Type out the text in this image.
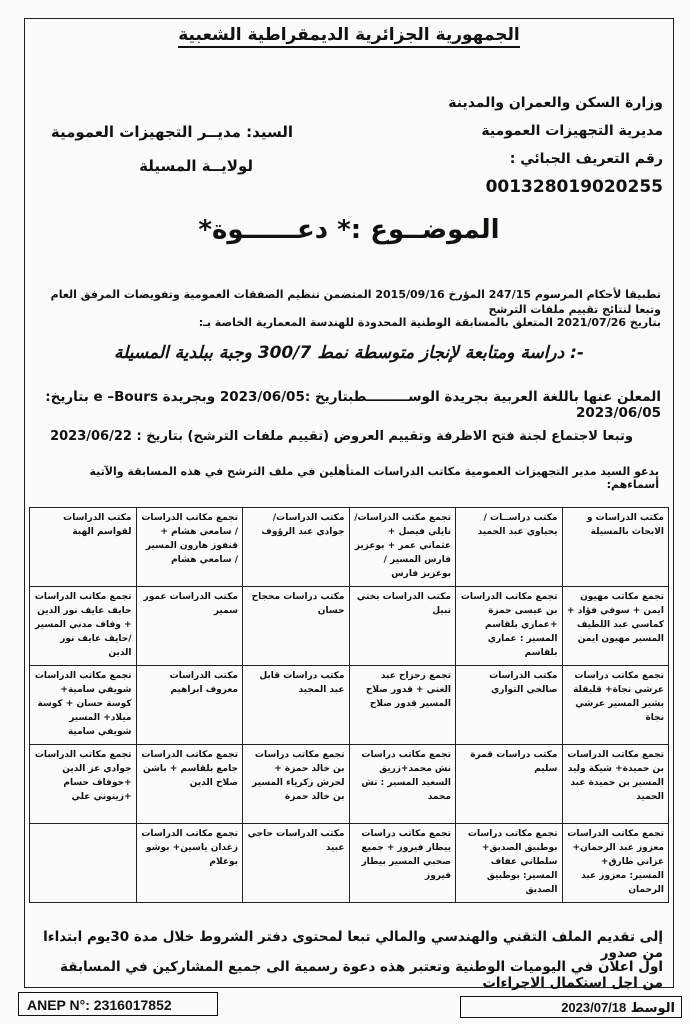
الجمهورية الجزائرية الديمقراطية الشعبية
وزارة السكن والعمران والمدينة
مديرية التجهيزات العمومية
رقم التعريف الجبائي : 001328019020255
السيد: مديــر التجهيزات العمومية
لولايــة المسيلة
الموضــوع :* دعــــــوة*
تطبيقا لأحكام المرسوم 247/15 المؤرخ 2015/09/16 المتضمن تنظيم الصفقات العمومية وتفويضات المرفق العام وتبعا لنتائج تقييم ملفات الترشح
بتاريخ 2021/07/26 المتعلق بالمسابقة الوطنية المحدودة للهندسة المعمارية الخاصة بـ:
-: دراسة ومتابعة لإنجاز متوسطة نمط 300/7 وجبة ببلدية المسيلة
المعلن عنها باللغة العربية بجريدة الوســـــــــطبتاريخ :2023/06/05 وبجريدة e –Bours بتاريخ: 2023/06/05
وتبعا لاجتماع لجنة فتح الاظرفة وتقييم العروض (تقييم ملفات الترشح) بتاريخ : 2023/06/22
يدعو السيد مدير التجهيزات العمومية مكاتب الدراسات المتأهلين في ملف الترشح في هذه المسابقة والآتية أسماءهم:
مكتب الدراسات و الابحاث بالمسيلة	مكتب دراســات /يحياوي عبد الحميد	تجمع مكتب الدراسات/ نايلي فيصل + عثماني عمر + بوعزيز فارس المسير / بوعزيز فارس	مكتب الدراسات/ جوادي عبد الرؤوف	تجمع مكاتب الدراسات / سامعي هشام + قنفوز هارون المسير / سامعي هشام	مكتب الدراسات لقواسم الهبة
تجمع مكاتب مهيون ايمن + سوفي فؤاد + كماسي عبد اللطيف المسير مهيون ايمن	تجمع مكاتب الدراسات بن عيسى حمزة +عماري بلقاسم المسير : عماري بلقاسم	مكتب الدراسات بختي نبيل	مكتب دراسات محجاح حسان	مكتب الدراسات عمور سمير	تجمع مكاتب الدراسات حايف عايف نور الدين + وفاف مدني المسير /حايف عايف نور الدين
تجمع مكاتب دراسات عرشي نجاة+ قليقلة بشير المسير عرشي نجاة	مكتب الدراسات صالحي التواري	تجمع زحزاح عبد الغني + قدور صلاح المسير قدور صلاح	مكتب دراسات قابل عبد المجيد	مكتب الدراسات معروف ابراهيم	تجمع مكاتب الدراسات شويفي سامية+ كوسة حسان + كوسة ميلاد+ المسير شويفي سامية
تجمع مكاتب الدراسات بن حميدة+ شيكة وليد المسير بن حميدة عبد الحميد	مكتب دراسات قمرة سليم	تجمع مكاتب دراسات نش محمد+زريق السعيد المسير : نش محمد	تجمع مكاتب دراسات بن خالد حمزة + لحرش زكرياء المسير بن خالد حمزة	تجمع مكاتب الدراسات جامع بلقاسم + باشن صلاح الدين	تجمع مكاتب الدراسات جوادي عز الدين +حوفاف حسام +زيتوني علي
تجمع مكاتب الدراسات معزوز عبد الرحمان+ عزاني طارق+ المسير: معزوز عبد الرحمان	تجمع مكاتب دراسات بوطبيق الصديق+ سلطاني عفاف المسير: بوطبيق الصديق	تجمع مكاتب دراسات بيطار فيروز + جميع صحبي المسير بيطار فيروز	مكتب الدراسات حاجي عبيد	تجمع مكاتب الدراسات زغدان ياسين+ بوشو بوعلام	
إلى تقديم الملف التقني والهندسي والمالي تبعا لمحتوى دفتر الشروط خلال مدة 30يوم ابتداءا من صدور
اول اعلان في اليوميات الوطنية وتعتبر هذه دعوة رسمية الى جميع المشاركين في المسابقة من اجل استكمال الاجراءات
ANEP N°: 2316017852	الوسط 2023/07/18
